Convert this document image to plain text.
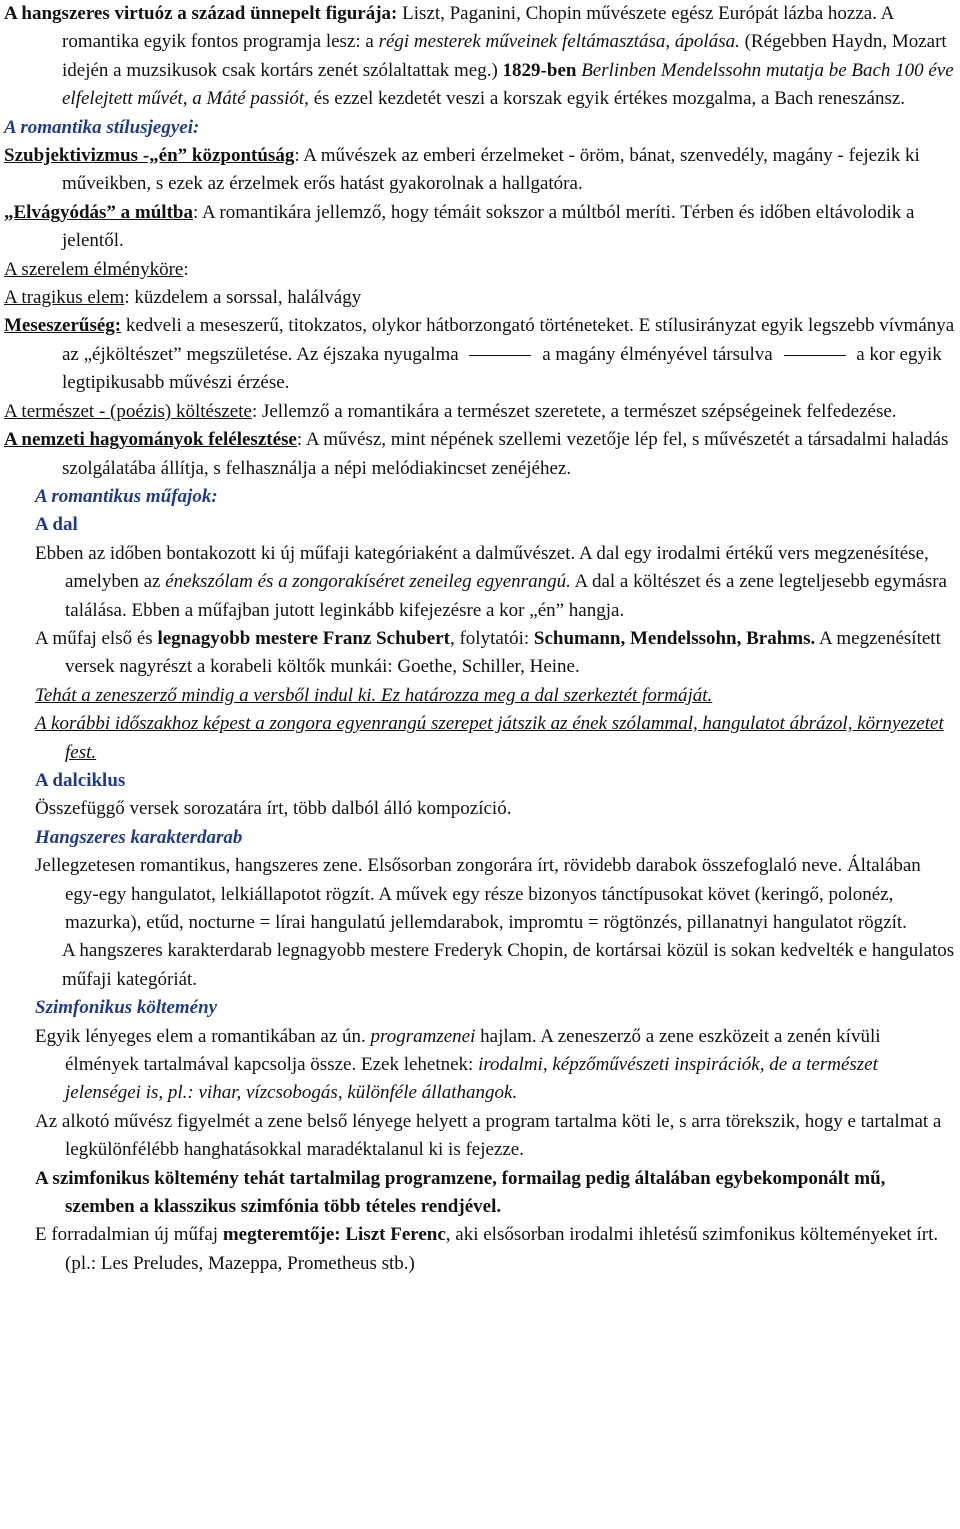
A hangszeres virtuóz a század ünnepelt figurája: Liszt, Paganini, Chopin művészete egész Európát lázba hozza. A romantika egyik fontos programja lesz: a régi mesterek műveinek feltámasztása, ápolása. (Régebben Haydn, Mozart idején a muzsikusok csak kortárs zenét szólaltattak meg.) 1829-ben Berlinben Mendelssohn mutatja be Bach 100 éve elfelejtett művét, a Máté passiót, és ezzel kezdetét veszi a korszak egyik értékes mozgalma, a Bach reneszánsz.

A romantika stílusjegyei:

Szubjektivizmus -„én” központúság: A művészek az emberi érzelmeket - öröm, bánat, szenvedély, magány - fejezik ki műveikben, s ezek az érzelmek erős hatást gyakorolnak a hallgatóra.

„Elvágyódás” a múltba: A romantikára jellemző, hogy témáit sokszor a múltból meríti. Térben és időben eltávolodik a jelentől.

A szerelem élményköre:

A tragikus elem: küzdelem a sorssal, halálvágy

Meseszerűség: kedveli a meseszerű, titokzatos, olykor hátborzongató történeteket. E stílusirányzat egyik legszebb vívmánya az „éjköltészet” megszületése. Az éjszaka nyugalma	a magány élményével társulva	a kor egyik legtipikusabb művészi érzése.

A természet - (poézis) költészete: Jellemző a romantikára a természet szeretete, a természet szépségeinek felfedezése.

A nemzeti hagyományok felélesztése: A művész, mint népének szellemi vezetője lép fel, s művészetét a társadalmi haladás szolgálatába állítja, s felhasználja a népi melódiakincset zenéjéhez.

A romantikus műfajok:

A dal

Ebben az időben bontakozott ki új műfaji kategóriaként a dalművészet. A dal egy irodalmi értékű vers megzenésítése, amelyben az énekszólam és a zongorakíséret zeneileg egyenrangú. A dal a költészet és a zene legteljesebb egymásra találása. Ebben a műfajban jutott leginkább kifejezésre a kor „én” hangja.

A műfaj első és legnagyobb mestere Franz Schubert, folytatói: Schumann, Mendelssohn, Brahms. A megzenésített versek nagyrészt a korabeli költők munkái: Goethe, Schiller, Heine.

Tehát a zeneszerző mindig a versből indul ki. Ez határozza meg a dal szerkeztét formáját.

A korábbi időszakhoz képest a zongora egyenrangú szerepet játszik az ének szólammal, hangulatot ábrázol, környezetet fest.

A dalciklus

Összefüggő versek sorozatára írt, több dalból álló kompozíció.

Hangszeres karakterdarab

Jellegzetesen romantikus, hangszeres zene. Elsősorban zongorára írt, rövidebb darabok összefoglaló neve. Általában egy-egy hangulatot, lelkiállapotot rögzít. A művek egy része bizonyos tánctípusokat követ (keringő, polonéz, mazurka), etűd, nocturne = lírai hangulatú jellemdarabok, impromtu = rögtönzés, pillanatnyi hangulatot rögzít.

A hangszeres karakterdarab legnagyobb mestere Frederyk Chopin, de kortársai közül is sokan kedvelték e hangulatos műfaji kategóriát.

Szimfonikus költemény

Egyik lényeges elem a romantikában az ún. programzenei hajlam. A zeneszerző a zene eszközeit a zenén kívüli élmények tartalmával kapcsolja össze. Ezek lehetnek: irodalmi, képzőművészeti inspirációk, de a természet jelenségei is, pl.: vihar, vízcsobogás, különféle állathangok.

Az alkotó művész figyelmét a zene belső lényege helyett a program tartalma köti le, s arra törekszik, hogy e tartalmat a legkülönfélébb hanghatásokkal maradéktalanul ki is fejezze.

A szimfonikus költemény tehát tartalmilag programzene, formailag pedig általában egybekomponált mű, szemben a klasszikus szimfónia több tételes rendjével.

E forradalmian új műfaj megteremtője: Liszt Ferenc, aki elsősorban irodalmi ihletésű szimfonikus költeményeket írt. (pl.: Les Preludes, Mazeppa, Prometheus stb.)
